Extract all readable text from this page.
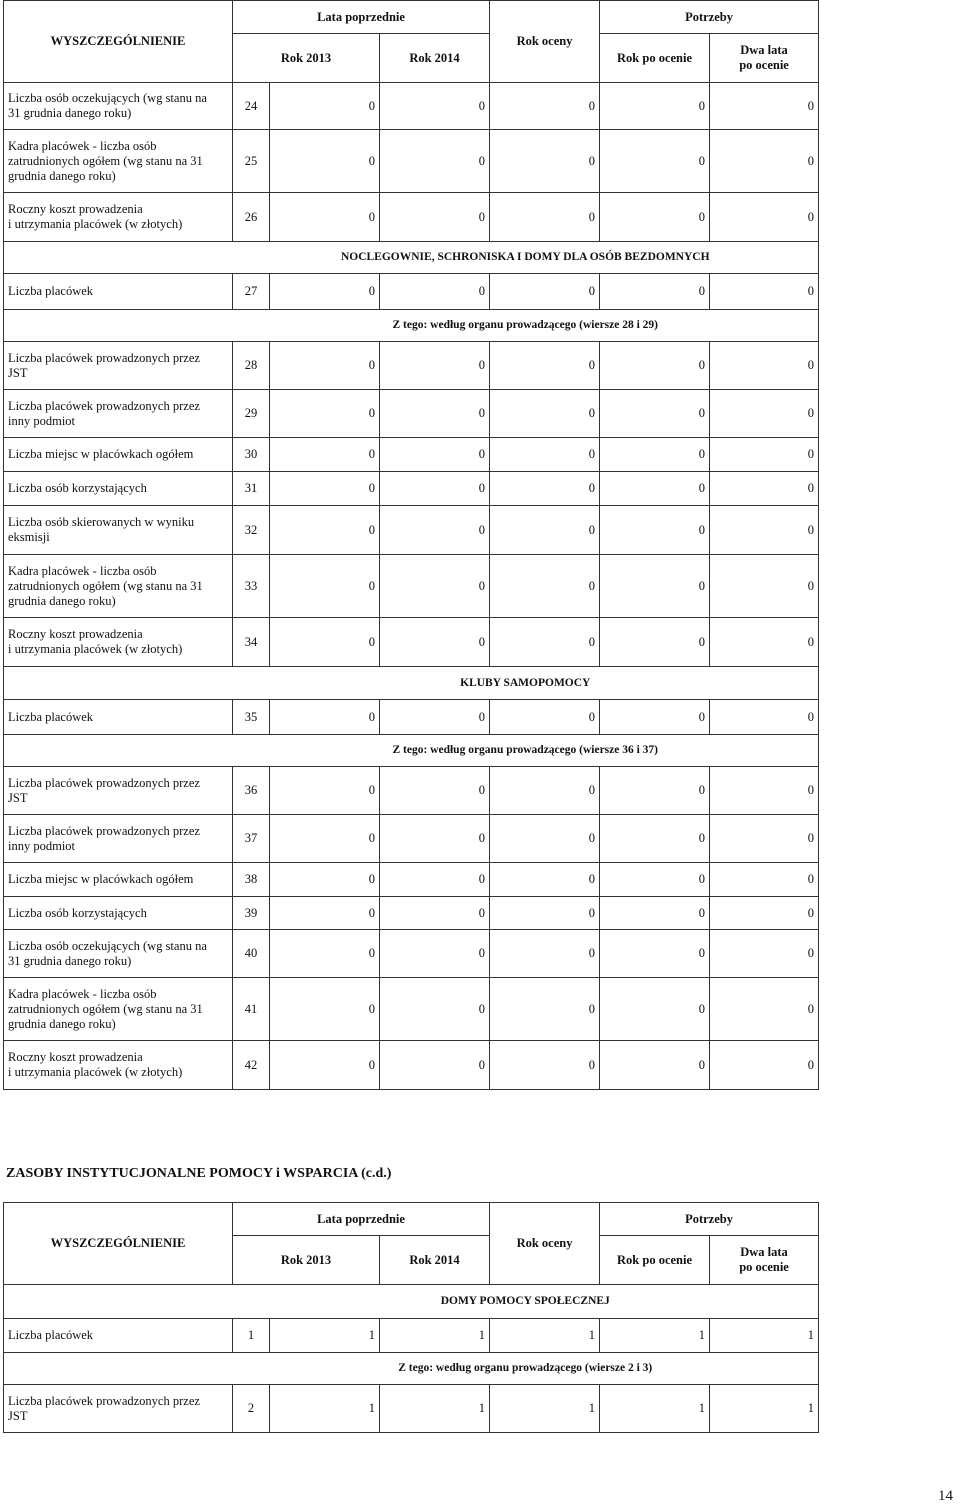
WYSZCZEGÓLNIENIE	Lata poprzednie			Rok oceny	Potrzeby	
	Rok 2013		Rok 2014		Rok po ocenie	Dwa lata
po ocenie
Liczba osób oczekujących (wg stanu na
31 grudnia danego roku)	24	0	0	0	0	0
Kadra placówek - liczba osób
zatrudnionych ogółem (wg stanu na 31
grudnia danego roku)	25	0	0	0	0	0
Roczny koszt prowadzenia
i utrzymania placówek (w złotych)	26	0	0	0	0	0
	NOCLEGOWNIE, SCHRONISKA I DOMY DLA OSÓB BEZDOMNYCH					
Liczba placówek	27	0	0	0	0	0
	Z tego: według organu prowadzącego (wiersze 28 i 29)					
Liczba placówek prowadzonych przez
JST	28	0	0	0	0	0
Liczba placówek prowadzonych przez
inny podmiot	29	0	0	0	0	0
Liczba miejsc w placówkach ogółem	30	0	0	0	0	0
Liczba osób korzystających	31	0	0	0	0	0
Liczba osób skierowanych w wyniku
eksmisji	32	0	0	0	0	0
Kadra placówek - liczba osób
zatrudnionych ogółem (wg stanu na 31
grudnia danego roku)	33	0	0	0	0	0
Roczny koszt prowadzenia
i utrzymania placówek (w złotych)	34	0	0	0	0	0
	KLUBY SAMOPOMOCY					
Liczba placówek	35	0	0	0	0	0
	Z tego: według organu prowadzącego (wiersze 36 i 37)					
Liczba placówek prowadzonych przez
JST	36	0	0	0	0	0
Liczba placówek prowadzonych przez
inny podmiot	37	0	0	0	0	0
Liczba miejsc w placówkach ogółem	38	0	0	0	0	0
Liczba osób korzystających	39	0	0	0	0	0
Liczba osób oczekujących (wg stanu na
31 grudnia danego roku)	40	0	0	0	0	0
Kadra placówek - liczba osób
zatrudnionych ogółem (wg stanu na 31
grudnia danego roku)	41	0	0	0	0	0
Roczny koszt prowadzenia
i utrzymania placówek (w złotych)	42	0	0	0	0	0
ZASOBY INSTYTUCJONALNE POMOCY i WSPARCIA (c.d.)
WYSZCZEGÓLNIENIE	Lata poprzednie			Rok oceny	Potrzeby	
	Rok 2013		Rok 2014		Rok po ocenie	Dwa lata
po ocenie
	DOMY POMOCY SPOŁECZNEJ					
Liczba placówek	1	1	1	1	1	1
	Z tego: według organu prowadzącego (wiersze 2 i 3)					
Liczba placówek prowadzonych przez
JST	2	1	1	1	1	1
14
